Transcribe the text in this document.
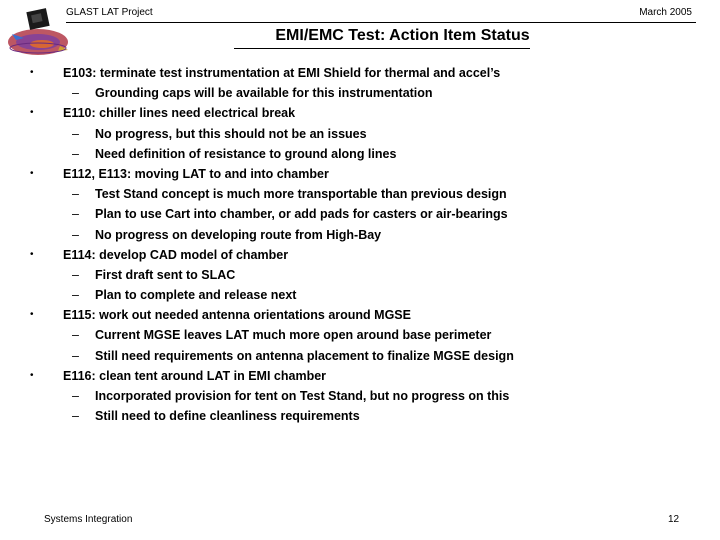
GLAST LAT Project	March 2005
EMI/EMC Test: Action Item Status
•	E103: terminate test instrumentation at EMI Shield for thermal and accel’s
– Grounding caps will be available for this instrumentation
•	E110: chiller lines need electrical break
– No progress, but this should not be an issues
– Need definition of resistance to ground along lines
•	E112, E113: moving LAT to and into chamber
– Test Stand concept is much more transportable than previous design
– Plan to use Cart into chamber, or add pads for casters or air-bearings
– No progress on developing route from High-Bay
•	E114: develop CAD model of chamber
– First draft sent to SLAC
– Plan to complete and release next
•	E115: work out needed antenna orientations around MGSE
– Current MGSE leaves LAT much more open around base perimeter
– Still need requirements on antenna placement to finalize MGSE design
•	E116: clean tent around LAT in EMI chamber
– Incorporated provision for tent on Test Stand, but no progress on this
– Still need to define cleanliness requirements
Systems Integration	12
